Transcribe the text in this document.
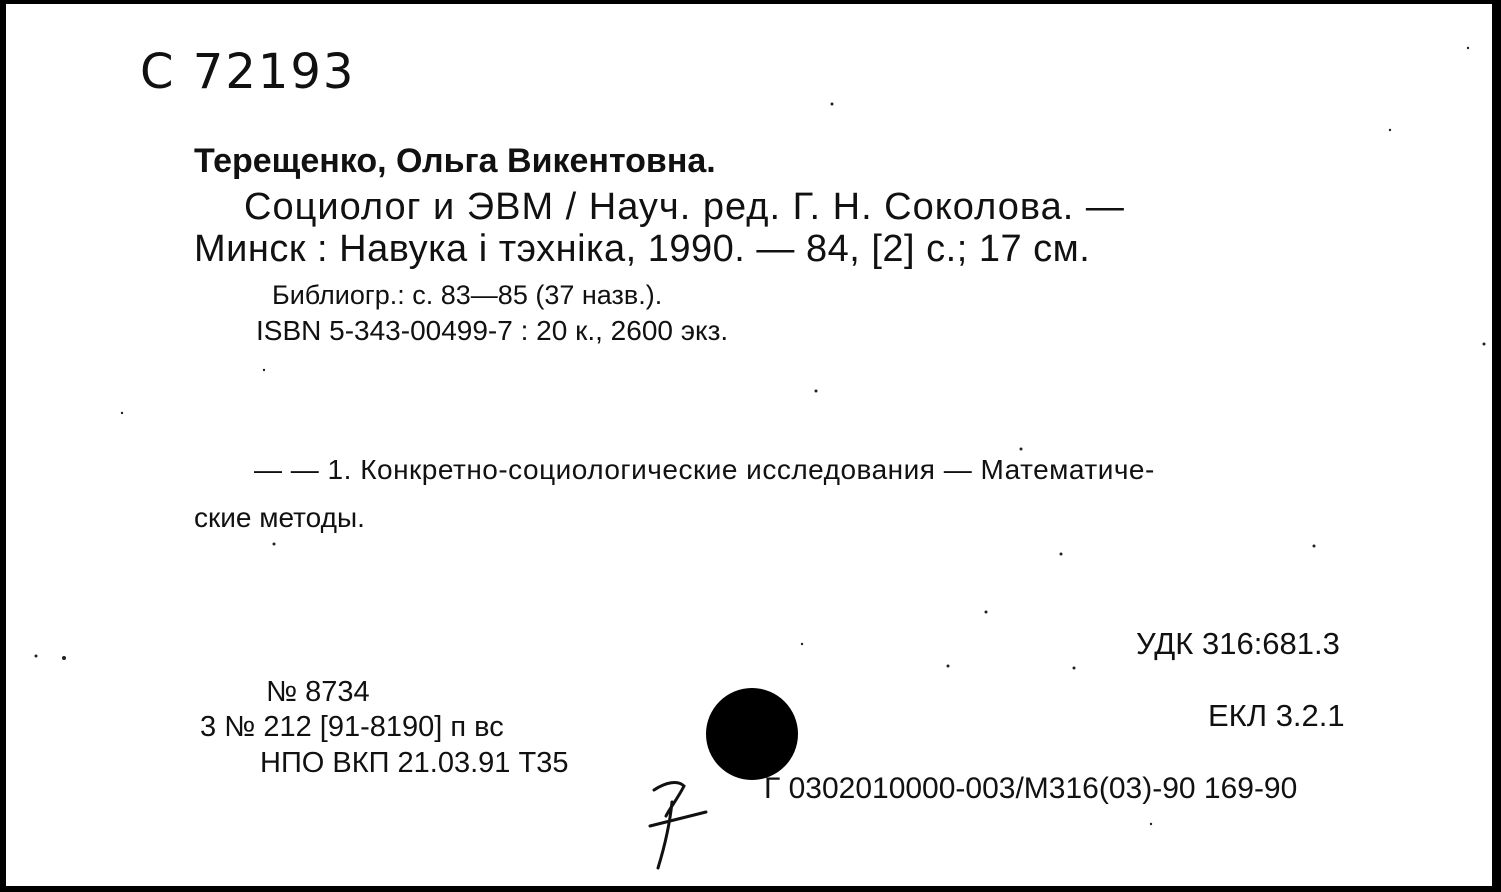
С 72193
Терещенко, Ольга Викентовна.
Социолог и ЭВМ / Науч. ред. Г. Н. Соколова. —
Минск : Навука і тэхніка, 1990. — 84, [2] с.; 17 см.
Библиогр.: с. 83—85 (37 назв.).
ISBN 5-343-00499-7 : 20 к., 2600 экз.
— — 1. Конкретно-социологические исследования — Математиче-
ские методы.
УДК 316:681.3
ЕКЛ 3.2.1
№ 8734
3 № 212 [91-8190] п вс
НПО ВКП 21.03.91 Т35
Г 0302010000-003/М316(03)-90 169-90
